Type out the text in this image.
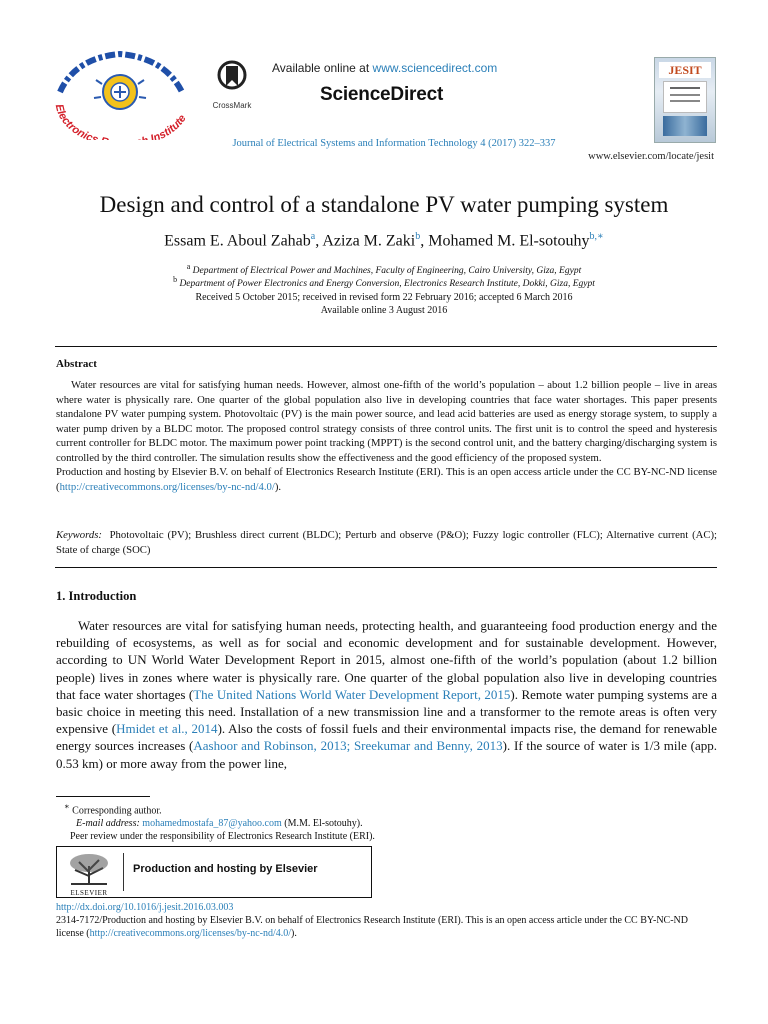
Electronics Institute
CrossMark
Available online at www.sciencedirect.com
ScienceDirect
JESIT
Journal of Electrical Systems and Information Technology 4 (2017) 322–337
www.elsevier.com/locate/jesit
Design and control of a standalone PV water pumping system
Essam E. Aboul Zahab$^a$, Aziza M. Zaki$^b$, Mohamed M. El-sotouhy$^{b,∗}$
$^a$ Department of Electrical Power and Machines, Faculty of Engineering, Cairo University, Giza, Egypt
$^b$ Department of Power Electronics and Energy Conversion, Electronics Research Institute, Dokki, Giza, Egypt
Received 5 October 2015; received in revised form 22 February 2016; accepted 6 March 2016
Available online 3 August 2016
Abstract

Water resources are vital for satisfying human needs. However, almost one-fifth of the world’s population – about 1.2 billion people – live in areas where water is physically rare. One quarter of the global population also live in developing countries that face water shortages. This paper presents standalone PV water pumping system. Photovoltaic (PV) is the main power source, and lead acid batteries are used as energy storage system, to supply a water pump driven by a BLDC motor. The proposed control strategy consists of three control units. The first unit is to control the speed and hysteresis current controller for BLDC motor. The maximum power point tracking (MPPT) is the second control unit, and the battery charging/discharging system is controlled by the third controller. The simulation results show the effectiveness and the good efficiency of the proposed system.

Production and hosting by Elsevier B.V. on behalf of Electronics Research Institute (ERI). This is an open access article under the CC BY-NC-ND license (http://creativecommons.org/licenses/by-nc-nd/4.0/).

Keywords: Photovoltaic (PV); Brushless direct current (BLDC); Perturb and observe (P&O); Fuzzy logic controller (FLC); Alternative current (AC); State of charge (SOC)
1. Introduction

Water resources are vital for satisfying human needs, protecting health, and guaranteeing food production energy and the rebuilding of ecosystems, as well as for social and economic development and for sustainable development. However, according to UN World Water Development Report in 2015, almost one-fifth of the world’s population (about 1.2 billion people) lives in zones where water is physically rare. One quarter of the global population also live in developing countries that face water shortages (The United Nations World Water Development Report, 2015). Remote water pumping systems are a basic choice in meeting this need. Installation of a new transmission line and a transformer to the remote areas is often very expensive (Hmidet et al., 2014). Also the costs of fossil fuels and their environmental impacts rise, the demand for renewable energy sources increases (Aashoor and Robinson, 2013; Sreekumar and Benny, 2013). If the source of water is 1/3 mile (app. 0.53 km) or more away from the power line,

∗ Corresponding author.
E-mail address: mohamedmostafa_87@yahoo.com (M.M. El-sotouhy).
Peer review under the responsibility of Electronics Research Institute (ERI).
ELSEVIER
Production and hosting by Elsevier
http://dx.doi.org/10.1016/j.jesit.2016.03.003
2314-7172/Production and hosting by Elsevier B.V. on behalf of Electronics Research Institute (ERI). This is an open access article under the CC BY-NC-ND license (http://creativecommons.org/licenses/by-nc-nd/4.0/).
